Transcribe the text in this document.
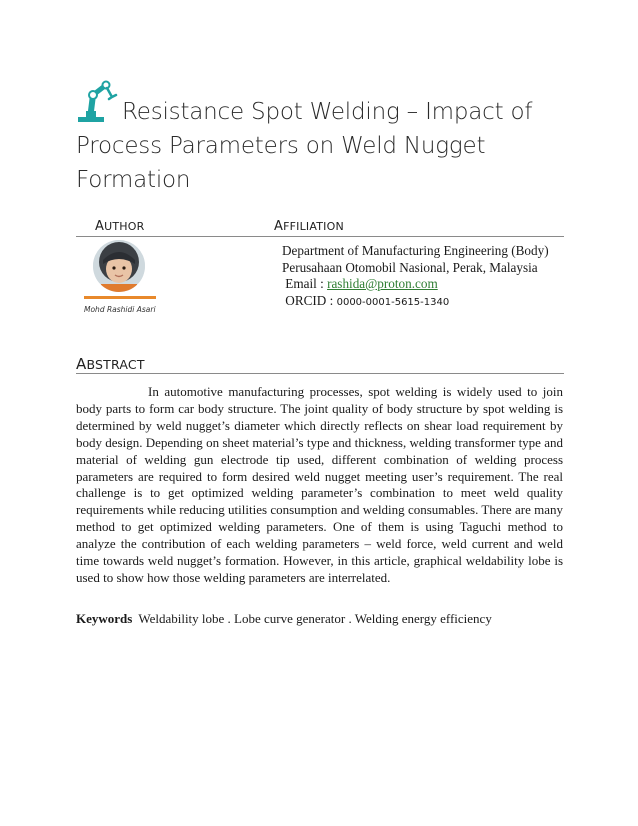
Resistance Spot Welding – Impact of
Process Parameters on Weld Nugget Formation
AUTHOR	AFFILIATION
Mohd Rashidi Asari
Department of Manufacturing Engineering (Body)
Perusahaan Otomobil Nasional, Perak, Malaysia
Email : rashida@proton.com
ORCID : 0000-0001-5615-1340
ABSTRACT
In automotive manufacturing processes, spot welding is widely used to join body parts to form car body structure. The joint quality of body structure by spot welding is determined by weld nugget’s diameter which directly reflects on shear load requirement by body design. Depending on sheet material’s type and thickness, welding transformer type and material of welding gun electrode tip used, different combination of welding process parameters are required to form desired weld nugget meeting user’s requirement. The real challenge is to get optimized welding parameter’s combination to meet weld quality requirements while reducing utilities consumption and welding consumables. There are many method to get optimized welding parameters. One of them is using Taguchi method to analyze the contribution of each welding parameters – weld force, weld current and weld time towards weld nugget’s formation. However, in this article, graphical weldability lobe is used to show how those welding parameters are interrelated.
Keywords Weldability lobe . Lobe curve generator . Welding energy efficiency
